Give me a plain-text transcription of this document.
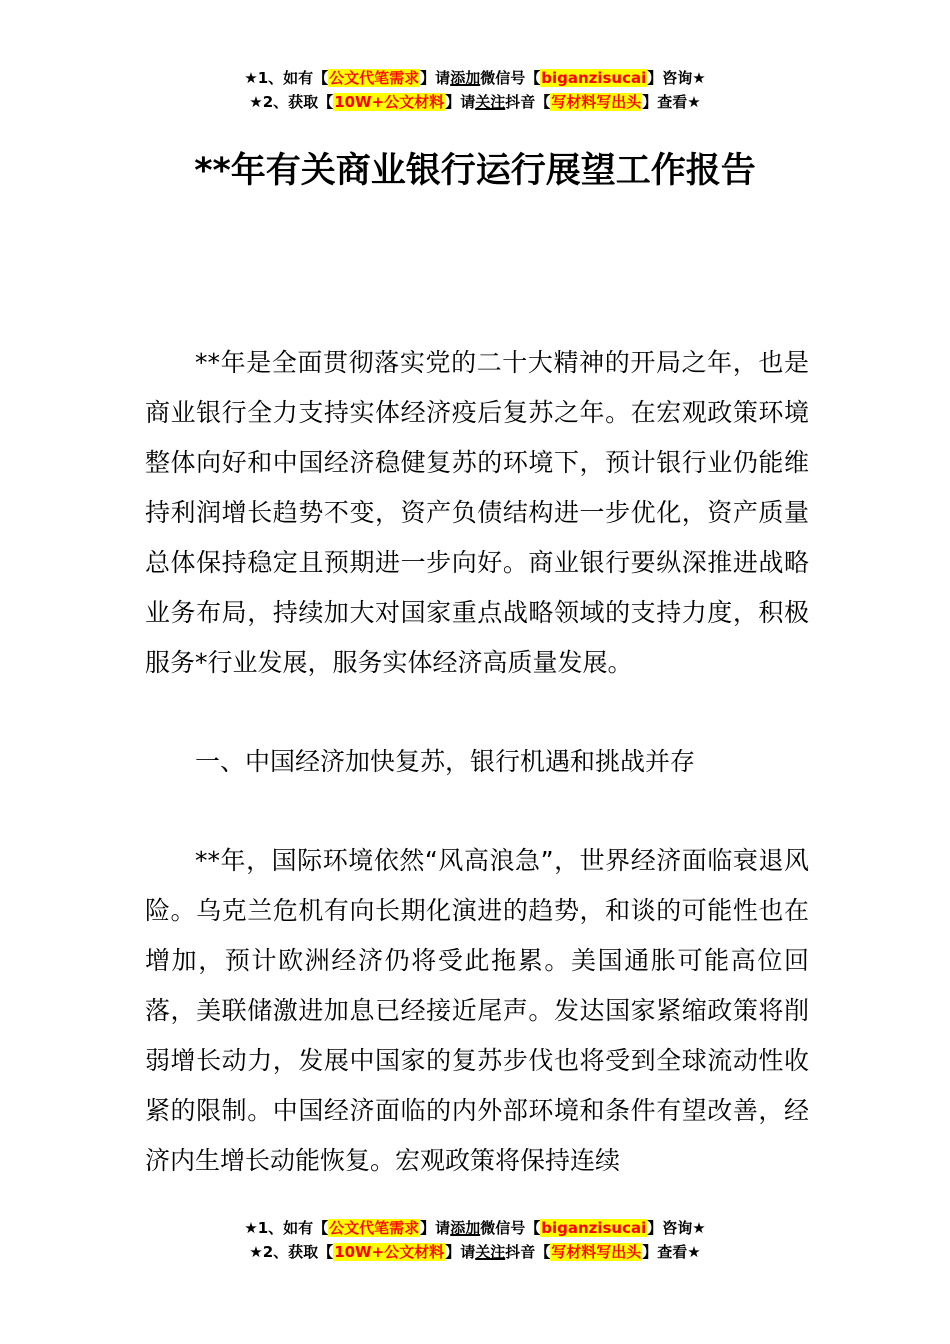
★1、如有【公文代笔需求】请添加微信号【biganzisucai】咨询★
★2、获取【10W+公文材料】请关注抖音【写材料写出头】查看★
**年有关商业银行运行展望工作报告

**年是全面贯彻落实党的二十大精神的开局之年，也是商业银行全力支持实体经济疫后复苏之年。在宏观政策环境整体向好和中国经济稳健复苏的环境下，预计银行业仍能维持利润增长趋势不变，资产负债结构进一步优化，资产质量总体保持稳定且预期进一步向好。商业银行要纵深推进战略业务布局，持续加大对国家重点战略领域的支持力度，积极服务*行业发展，服务实体经济高质量发展。

一、中国经济加快复苏，银行机遇和挑战并存

**年，国际环境依然“风高浪急”，世界经济面临衰退风险。乌克兰危机有向长期化演进的趋势，和谈的可能性也在增加，预计欧洲经济仍将受此拖累。美国通胀可能高位回落，美联储激进加息已经接近尾声。发达国家紧缩政策将削弱增长动力，发展中国家的复苏步伐也将受到全球流动性收紧的限制。中国经济面临的内外部环境和条件有望改善，经济内生增长动能恢复。宏观政策将保持连续

★1、如有【公文代笔需求】请添加微信号【biganzisucai】咨询★
★2、获取【10W+公文材料】请关注抖音【写材料写出头】查看★
